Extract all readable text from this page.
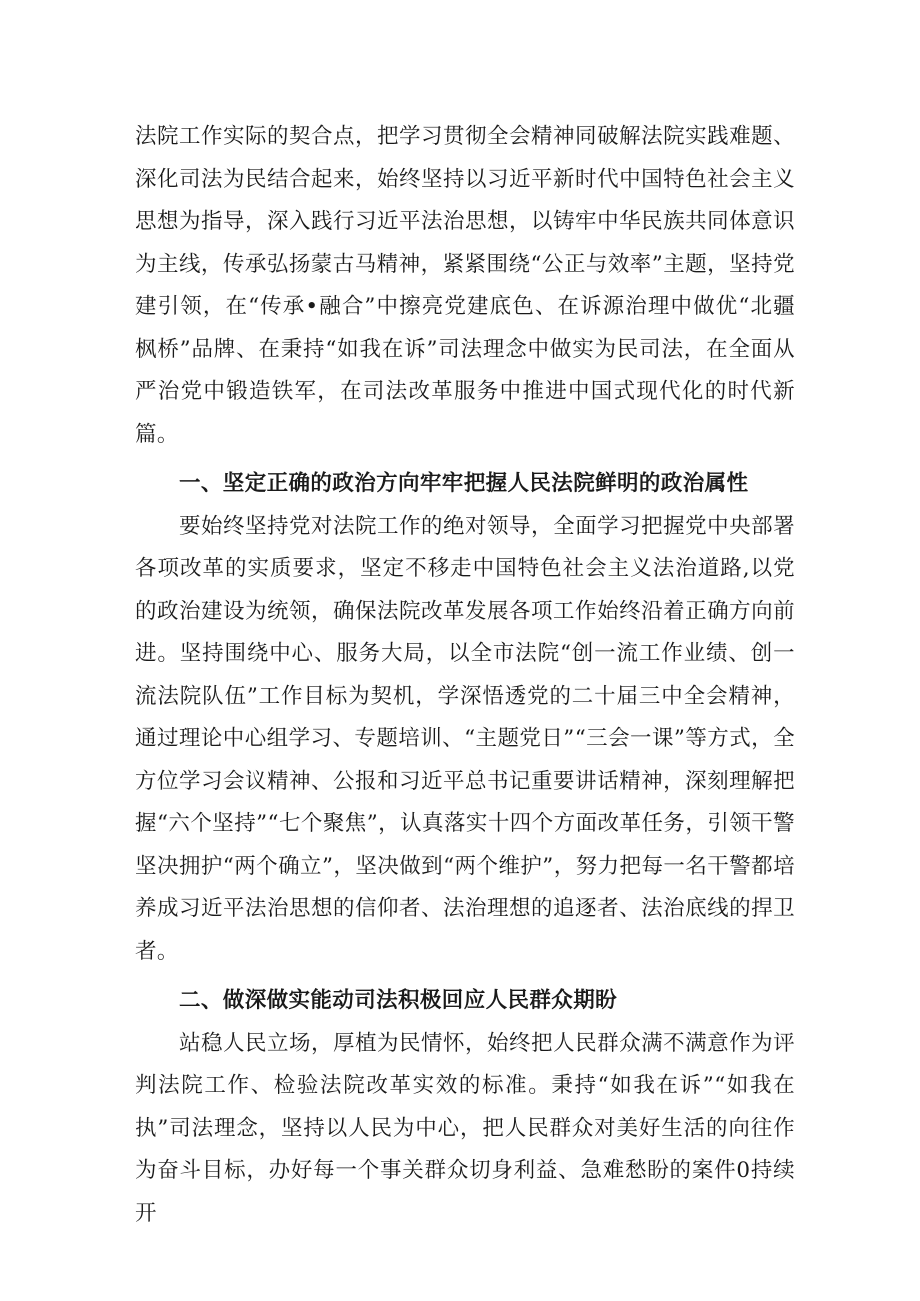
法院工作实际的契合点，把学习贯彻全会精神同破解法院实践难题、深化司法为民结合起来，始终坚持以习近平新时代中国特色社会主义思想为指导，深入践行习近平法治思想，以铸牢中华民族共同体意识为主线，传承弘扬蒙古马精神，紧紧围绕“公正与效率”主题，坚持党建引领，在“传承•融合”中擦亮党建底色、在诉源治理中做优“北疆枫桥”品牌、在秉持“如我在诉”司法理念中做实为民司法，在全面从严治党中锻造铁军，在司法改革服务中推进中国式现代化的时代新篇。

一、坚定正确的政治方向牢牢把握人民法院鲜明的政治属性

要始终坚持党对法院工作的绝对领导，全面学习把握党中央部署各项改革的实质要求，坚定不移走中国特色社会主义法治道路,以党的政治建设为统领，确保法院改革发展各项工作始终沿着正确方向前进。坚持围绕中心、服务大局，以全市法院“创一流工作业绩、创一流法院队伍”工作目标为契机，学深悟透党的二十届三中全会精神，通过理论中心组学习、专题培训、“主题党日”“三会一课”等方式，全方位学习会议精神、公报和习近平总书记重要讲话精神，深刻理解把握“六个坚持”“七个聚焦”，认真落实十四个方面改革任务，引领干警坚决拥护“两个确立”，坚决做到“两个维护”，努力把每一名干警都培养成习近平法治思想的信仰者、法治理想的追逐者、法治底线的捍卫者。

二、做深做实能动司法积极回应人民群众期盼

站稳人民立场，厚植为民情怀，始终把人民群众满不满意作为评判法院工作、检验法院改革实效的标准。秉持“如我在诉”“如我在执”司法理念，坚持以人民为中心，把人民群众对美好生活的向往作为奋斗目标，办好每一个事关群众切身利益、急难愁盼的案件0持续开
